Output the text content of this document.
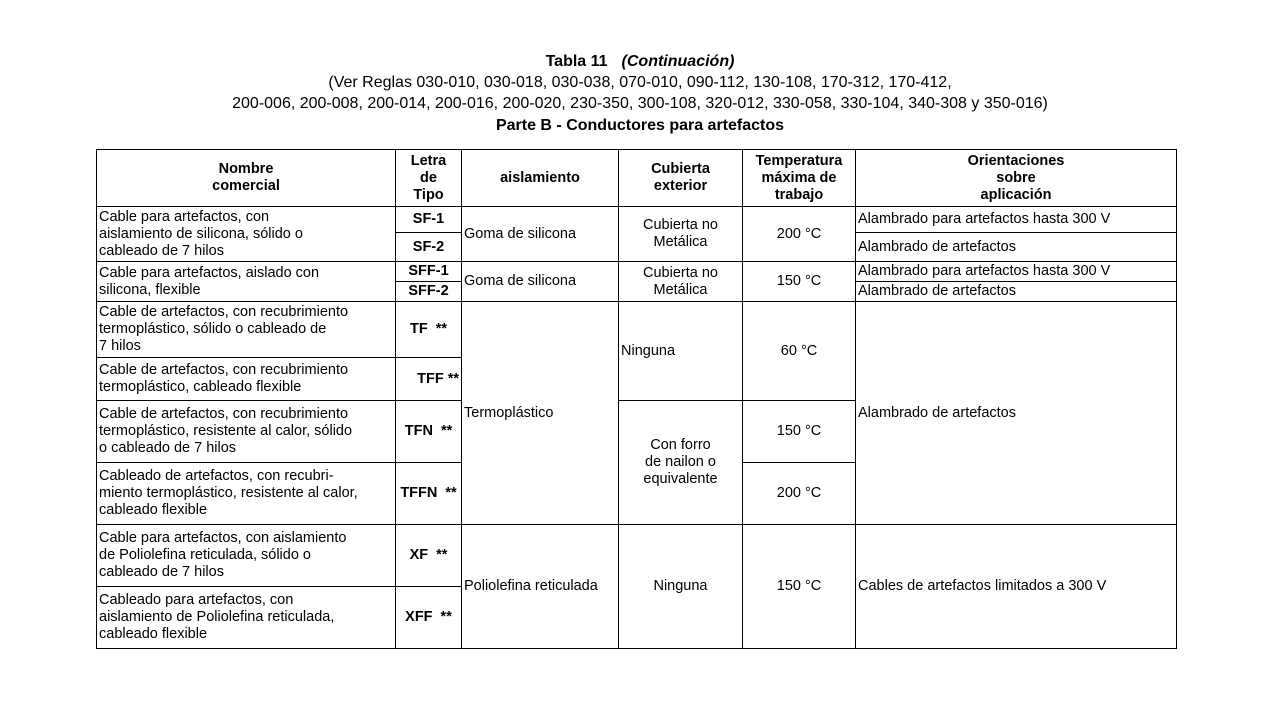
Tabla 11 (Continuación)
(Ver Reglas 030-010, 030-018, 030-038, 070-010, 090-112, 130-108, 170-312, 170-412,
200-006, 200-008, 200-014, 200-016, 200-020, 230-350, 300-108, 320-012, 330-058, 330-104, 340-308 y 350-016)
Parte B - Conductores para artefactos
Nombre
comercial	Letra
de
Tipo	aislamiento	Cubierta
exterior	Temperatura
máxima de
trabajo	Orientaciones
sobre
aplicación
Cable para artefactos, con
aislamiento de silicona, sólido o
cableado de 7 hilos	SF-1	Goma de silicona	Cubierta no
Metálica	200 °C	Alambrado para artefactos hasta 300 V
	SF-2				Alambrado de artefactos
Cable para artefactos, aislado con
silicona, flexible	SFF-1	Goma de silicona	Cubierta no
Metálica	150 °C	Alambrado para artefactos hasta 300 V
	SFF-2				Alambrado de artefactos
Cable de artefactos, con recubrimiento
termoplástico, sólido o cableado de
7 hilos	TF **	Termoplástico	Ninguna	60 °C	Alambrado de artefactos
Cable de artefactos, con recubrimiento
termoplástico, cableado flexible	TFF **				
Cable de artefactos, con recubrimiento
termoplástico, resistente al calor, sólido
o cableado de 7 hilos	TFN **		Con forro
de nailon o
equivalente	150 °C	
Cableado de artefactos, con recubri-
miento termoplástico, resistente al calor,
cableado flexible	TFFN **			200 °C	
Cable para artefactos, con aislamiento
de Poliolefina reticulada, sólido o
cableado de 7 hilos	XF **	Poliolefina reticulada	Ninguna	150 °C	Cables de artefactos limitados a 300 V
Cableado para artefactos, con
aislamiento de Poliolefina reticulada,
cableado flexible	XFF **				
